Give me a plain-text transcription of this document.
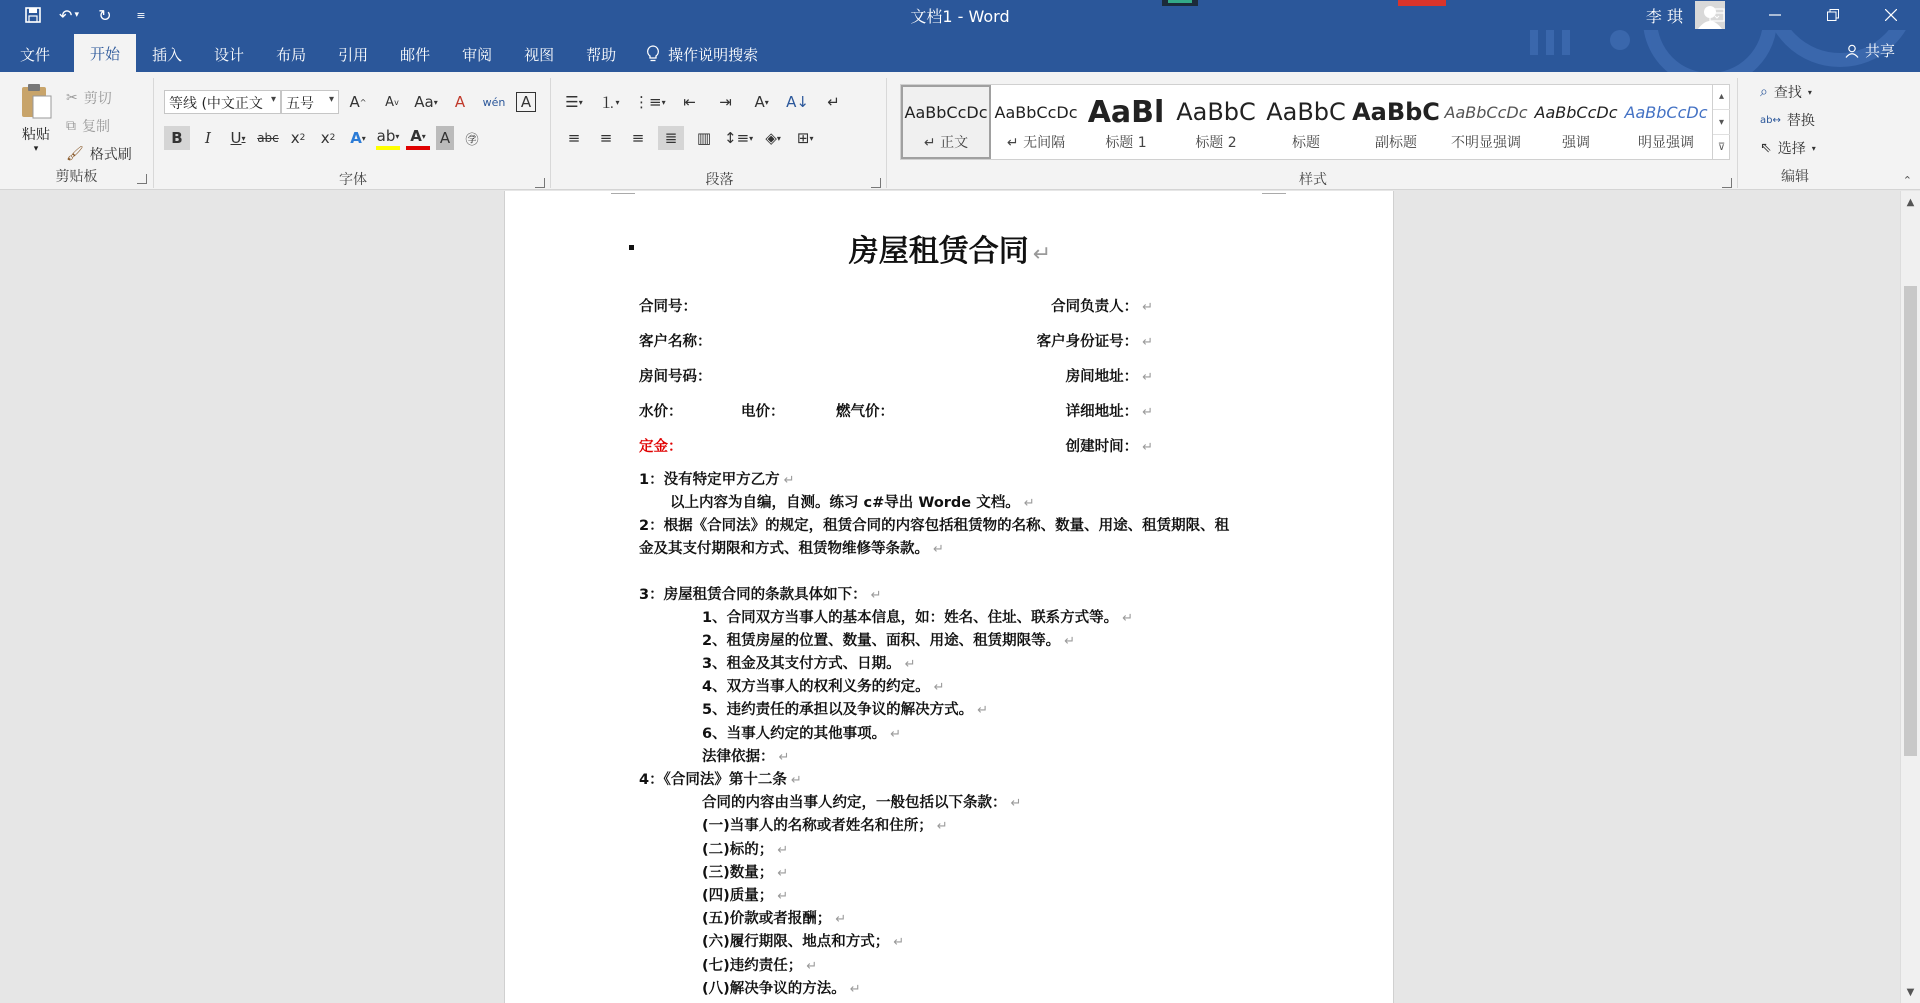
↶ ▾	↻	≡	文档1 - Word	李 琪
文件	开始	插入	设计	布局	引用	邮件	审阅	视图	帮助	操作说明搜索	共享
粘贴
▾
✂ 剪切
⧉ 复制
🖌 格式刷
剪贴板
等线 (中文正文 ▾ 五号 ▾ A ^	A v Aa ▾	A	wén	A
B	I	U ▾ abc x 2	x 2 A ▾ ab ▾ A ▾ A	㊫
字体
☰ ▾ ⒈ ▾ ⋮≡ ▾	⇤	⇥	A ▾ A↓	↵
≡	≡	≡	≣	▥ ↕≡ ▾ ◈ ▾ ⊞ ▾
段落
AaBbCcDc
↵ 正文
AaBbCcDc
↵ 无间隔
AaBl
标题 1
AaBbC
标题 2
AaBbC
标题
AaBbC
副标题
AaBbCcDc
不明显强调
AaBbCcDc
强调
AaBbCcDc
明显强调
▴
▾
⊽
样式
⌕ 查找 ▾
ab↔ 替换
⇖ 选择 ▾
编辑	⌃
房屋租赁合同 ↵
合同号：
客户名称：
房间号码：
水价：	电价：	燃气价：
定金：
合同负责人： ↵
客户身份证号： ↵
房间地址： ↵
详细地址： ↵
创建时间： ↵
1：没有特定甲方乙方 ↵
以上内容为自编，自测。练习 c#导出 Worde 文档。 ↵
2：根据《合同法》的规定，租赁合同的内容包括租赁物的名称、数量、用途、租赁期限、租金及其支付期限和方式、租赁物维修等条款。 ↵
3：房屋租赁合同的条款具体如下： ↵
1、合同双方当事人的基本信息，如：姓名、住址、联系方式等。 ↵
2、租赁房屋的位置、数量、面积、用途、租赁期限等。 ↵
3、租金及其支付方式、日期。 ↵
4、双方当事人的权利义务的约定。 ↵
5、违约责任的承担以及争议的解决方式。 ↵
6、当事人约定的其他事项。 ↵
法律依据： ↵
4：《合同法》第十二条 ↵
合同的内容由当事人约定，一般包括以下条款： ↵
(一)当事人的名称或者姓名和住所； ↵
(二)标的； ↵
(三)数量； ↵
(四)质量； ↵
(五)价款或者报酬； ↵
(六)履行期限、地点和方式； ↵
(七)违约责任； ↵
(八)解决争议的方法。 ↵
▲
▼
